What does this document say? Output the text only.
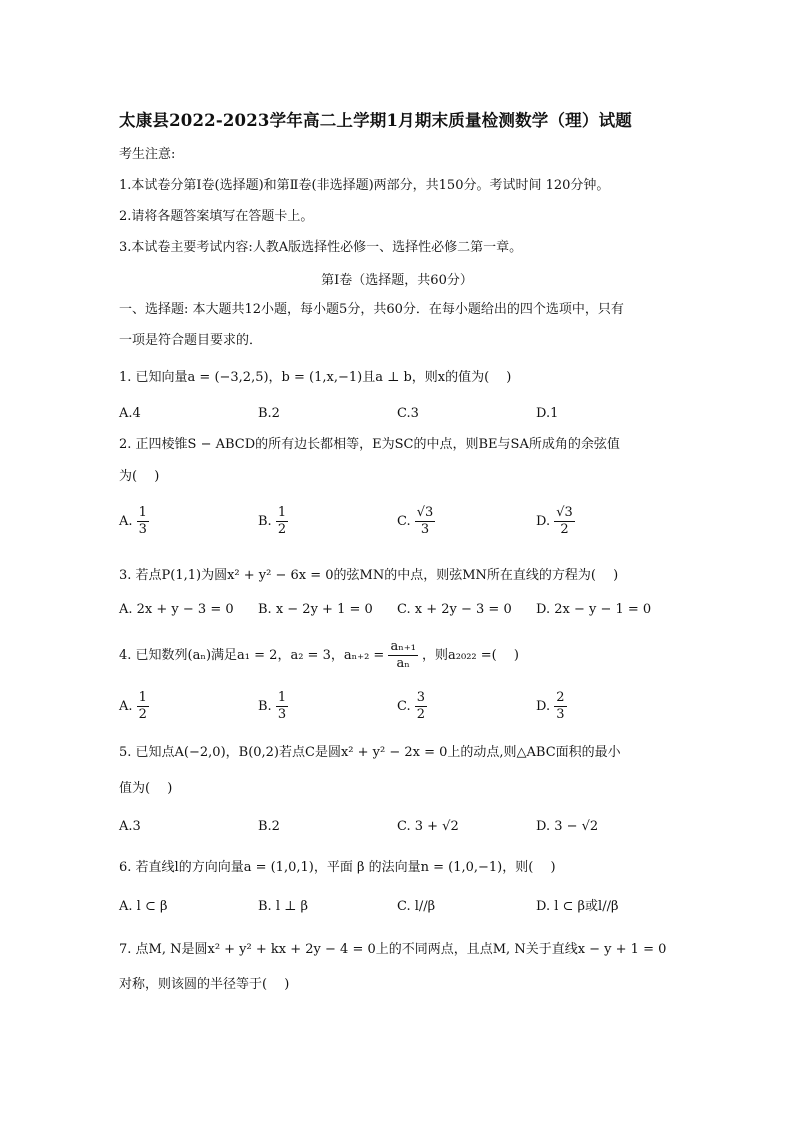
太康县2022-2023学年高二上学期1月期末质量检测数学（理）试题
考生注意:
1.本试卷分第Ⅰ卷(选择题)和第Ⅱ卷(非选择题)两部分，共150分。考试时间 120分钟。
2.请将各题答案填写在答题卡上。
3.本试卷主要考试内容:人教A版选择性必修一、选择性必修二第一章。
第Ⅰ卷（选择题，共60分）
一、选择题: 本大题共12小题，每小题5分，共60分．在每小题给出的四个选项中，只有
一项是符合题目要求的．
1. 已知向量a = (−3,2,5)，b = (1,x,−1)且a ⊥ b，则x的值为(　 )
A.4	B.2	C.3	D.1
2. 正四棱锥S − ABCD的所有边长都相等，E为SC的中点，则BE与SA所成角的余弦值
为(　 )
A. $\frac{1}{3}$	B. $\frac{1}{2}$	C. $\frac{√3}{3}$	D. $\frac{√3}{2}$
3. 若点P(1,1)为圆x² + y² − 6x = 0的弦MN的中点，则弦MN所在直线的方程为(　 )
A. 2x + y − 3 = 0 B. x − 2y + 1 = 0 C. x + 2y − 3 = 0 D. 2x − y − 1 = 0
4. 已知数列(aₙ)满足a₁ = 2，a₂ = 3，$a_{n+2} = \frac{\text{aₙ₊₁}}{\text{aₙ}}$ ，则a₂₀₂₂ =(　 )
A. $\frac{1}{2}$	B. $\frac{1}{3}$	C. $\frac{3}{2}$	D. $\frac{2}{3}$
5. 已知点A(−2,0)，B(0,2)若点C是圆x² + y² − 2x = 0上的动点,则△ABC面积的最小
值为(　 )
A.3	B.2	C. 3 + √2	D. 3 − √2
6. 若直线l的方向向量a = (1,0,1)，平面 β 的法向量n = (1,0,−1)，则(　 )
A. l ⊂ β	B. l ⊥ β	C. l//β	D. l ⊂ β或l//β
7. 点M, N是圆x² + y² + kx + 2y − 4 = 0上的不同两点，且点M, N关于直线x − y + 1 = 0
对称，则该圆的半径等于(　 )
